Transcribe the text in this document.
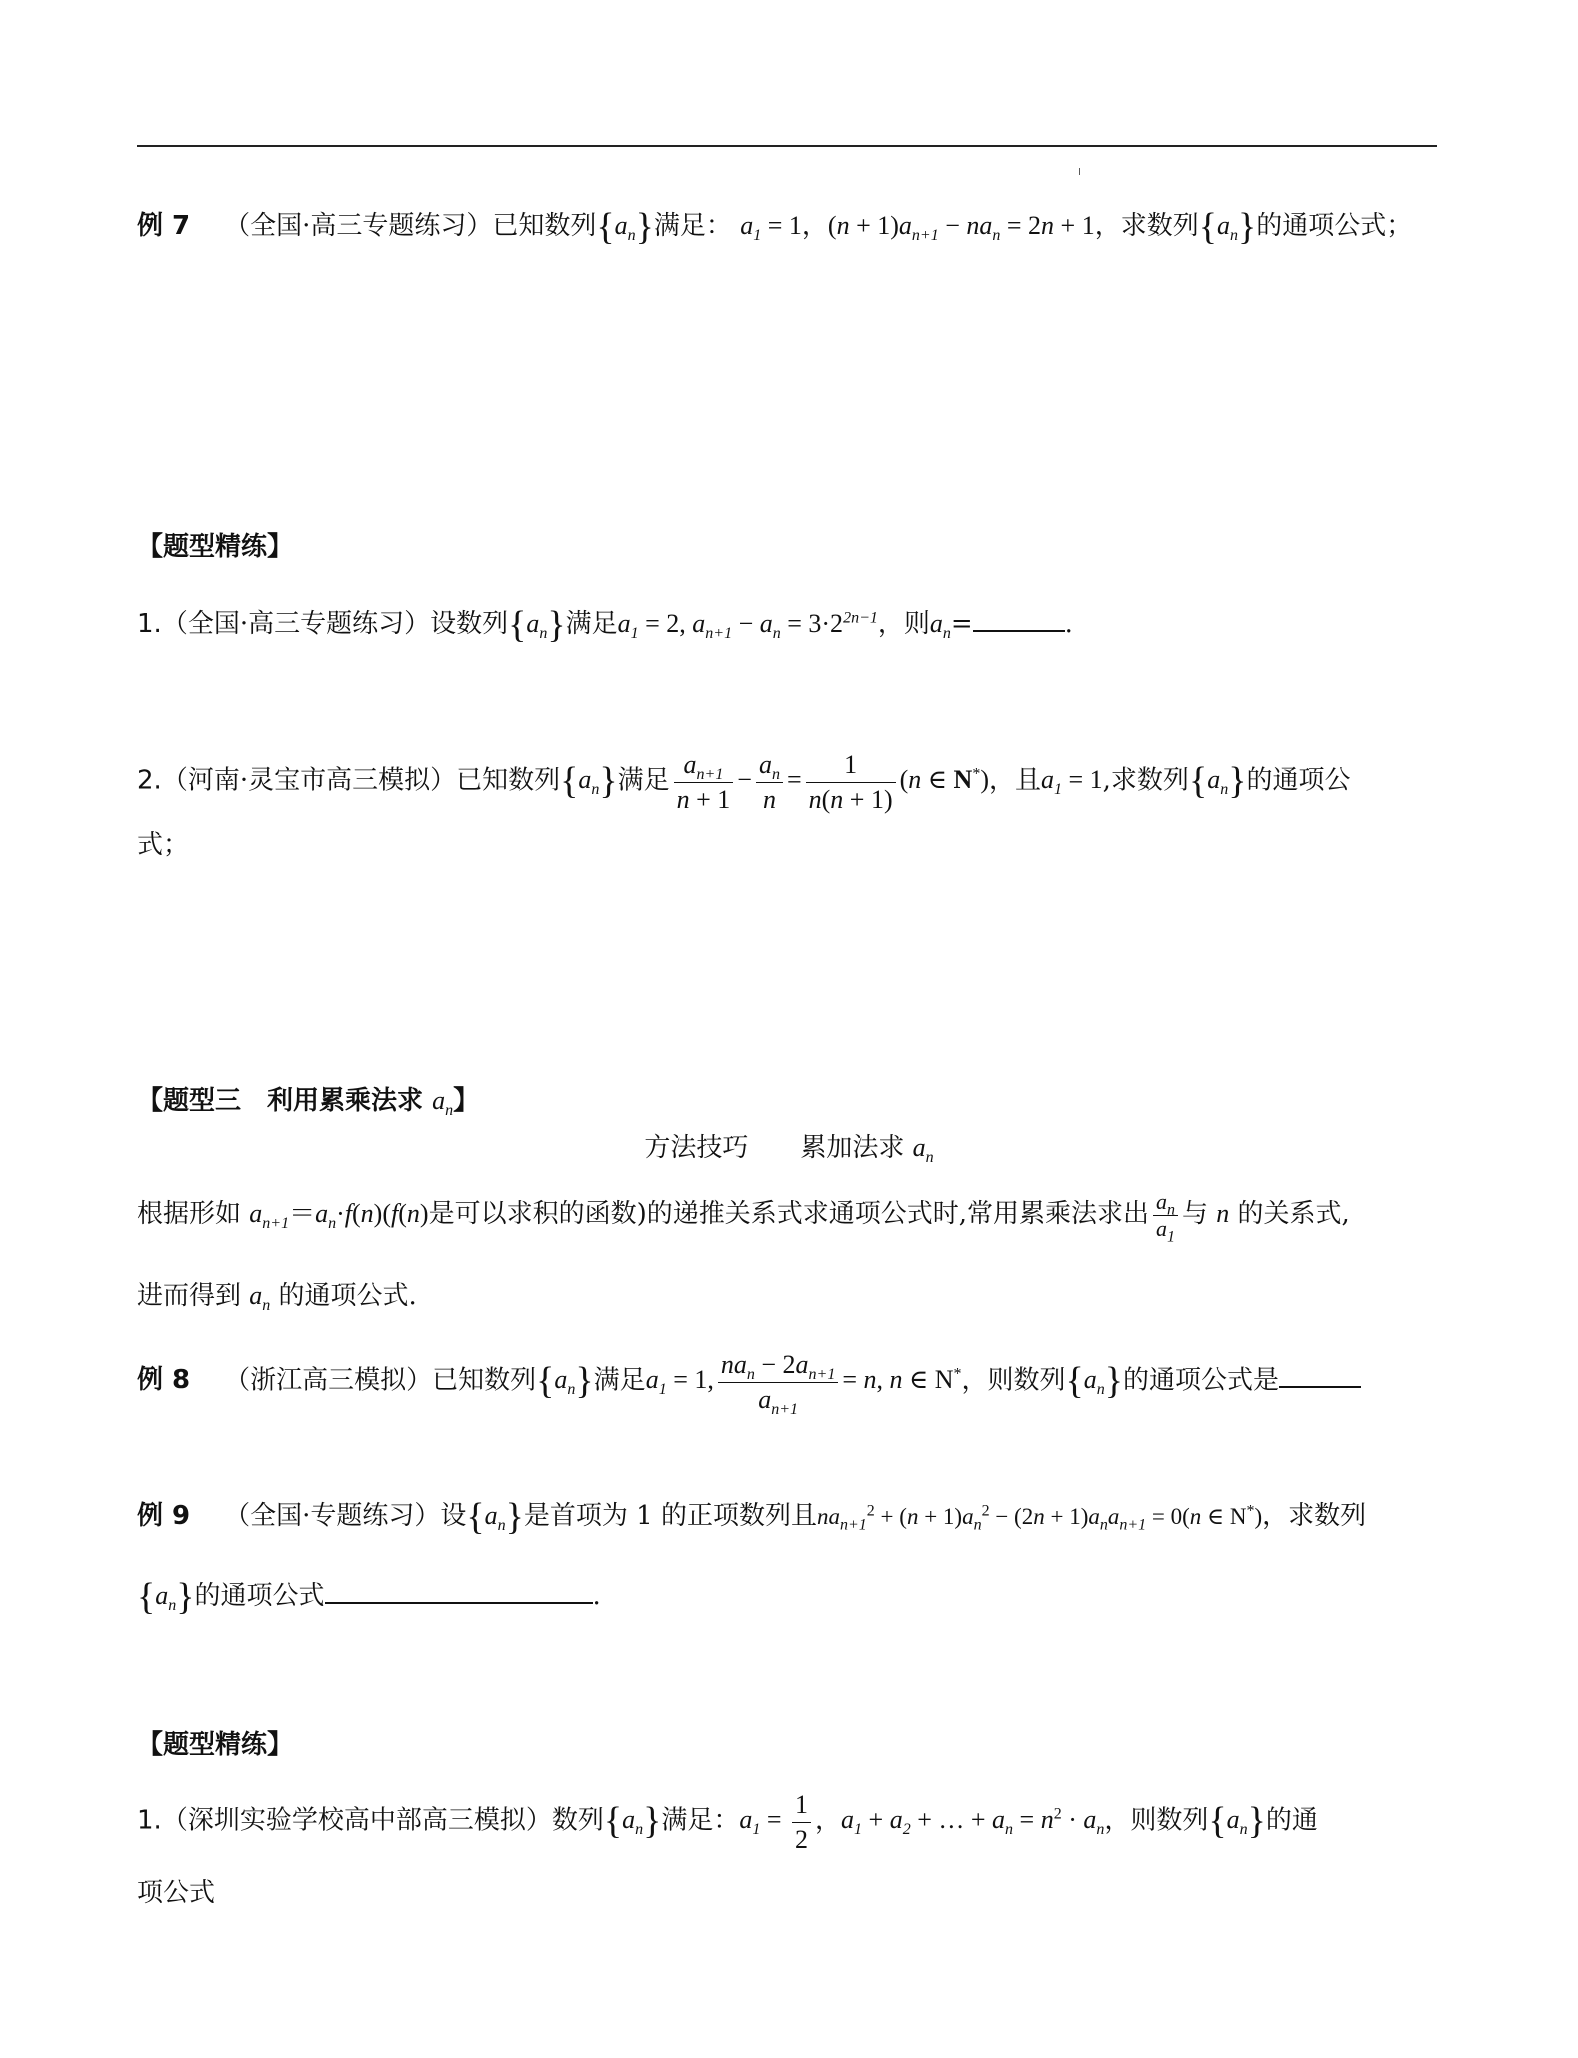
I
例 7 （全国·高三专题练习）已知数列$\{a_n\}$满足： $a_1 = 1$，$(n + 1)a_{n+1} - na_n = 2n + 1$，求数列$\{a_n\}$的通项公式；
【题型精练】
1.（全国·高三专题练习）设数列$\{a_n\}$满足$a_1 = 2$, $a_{n+1} - a_n = 3\cdot 2^{2n-1}$，则$a_n=$	.
2.（河南·灵宝市高三模拟）已知数列$\{a_n\}$满足 $\frac{a_{n+1}}{n + 1} - \frac{a_n}{n} = \frac{1}{n(n + 1)} (n$ ∈ N*)，且$a_1 = 1$,求数列$\{a_n\}$的通项公
式；
【题型三　利用累乘法求 $a_n$】
方法技巧　　累加法求 $a_n$
根据形如 $a_{n+1}=a_n\cdot f(n)(f(n)$是可以求积的函数)的递推关系式求通项公式时,常用累乘法求出 $\frac{a_n}{a_1}$ 与 n 的关系式,
进而得到 $a_n$ 的通项公式.
例 8 （浙江高三模拟）已知数列$\{a_n\}$满足$a_1 = 1$, $\frac{na_n - 2a_{n+1}}{a_{n+1}} = n$, n ∈ N*，则数列$\{a_n\}$的通项公式是
例 9 （全国·专题练习）设$\{a_n\}$是首项为 1 的正项数列且$na_{n+1}^2 + (n + 1)a_n^2 - (2n + 1)a_na_{n+1} = 0(n$ ∈ N*)，求数列
$\{a_n\}$的通项公式	.
【题型精练】
1.（深圳实验学校高中部高三模拟）数列$\{a_n\}$满足：$a_1 = \frac{1}{2}$ ，$a_1 + a_2$ + … + $a_n = n^2 \cdot a_n$，则数列$\{a_n\}$的通
项公式
